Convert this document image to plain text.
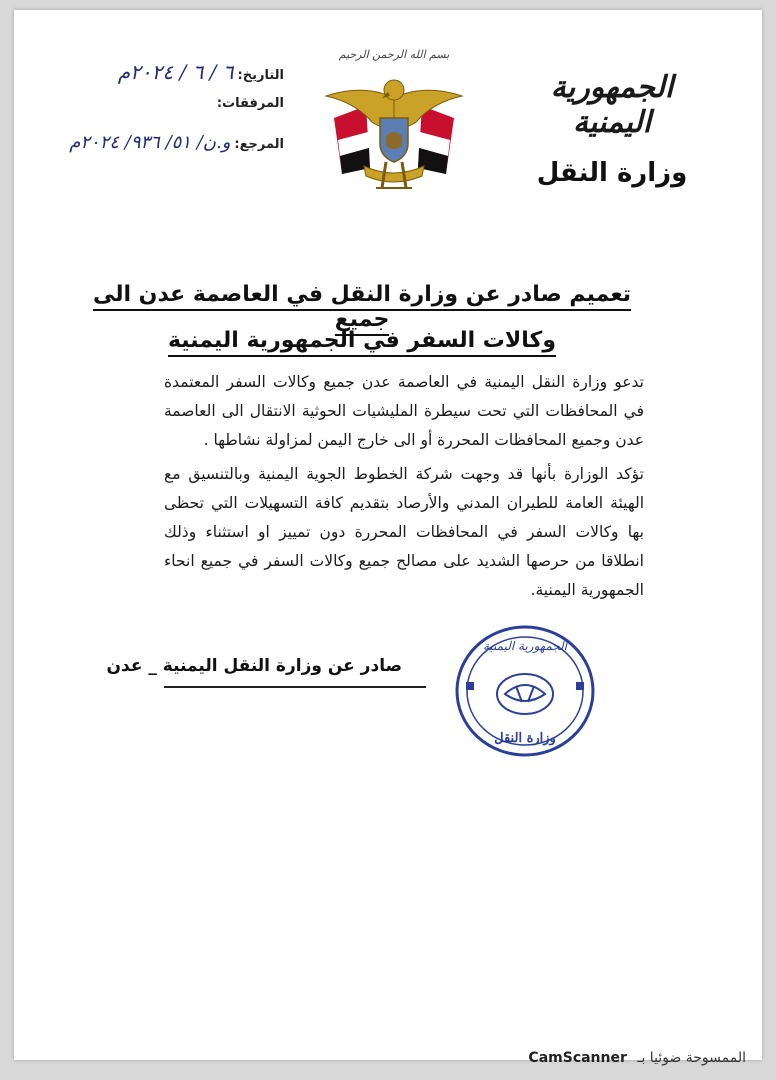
الجمهورية اليمنية
وزارة النقل
بسم الله الرحمن الرحيم
التاريخ:
٦ / ٦ / ٢٠٢٤م
المرفقات:
المرجع:
و.ن/ ٥١/ ٩٣٦/ ٢٠٢٤م
تعميم صادر عن وزارة النقل في العاصمة عدن الى جميع
وكالات السفر في الجمهورية اليمنية
تدعو وزارة النقل اليمنية في العاصمة عدن جميع وكالات السفر المعتمدة في المحافظات التي تحت سيطرة المليشيات الحوثية الانتقال الى العاصمة عدن وجميع المحافظات المحررة أو الى خارج اليمن لمزاولة نشاطها .
تؤكد الوزارة بأنها قد وجهت شركة الخطوط الجوية اليمنية وبالتنسيق مع الهيئة العامة للطيران المدني والأرصاد بتقديم كافة التسهيلات التي تحظى بها وكالات السفر في المحافظات المحررة دون تمييز او استثناء وذلك انطلاقا من حرصها الشديد على مصالح جميع وكالات السفر في جميع انحاء الجمهورية اليمنية.
صادر عن وزارة النقل اليمنية _ عدن
الجمهورية اليمنية
وزارة النقل
الممسوحة ضوئيا بـ CamScanner
